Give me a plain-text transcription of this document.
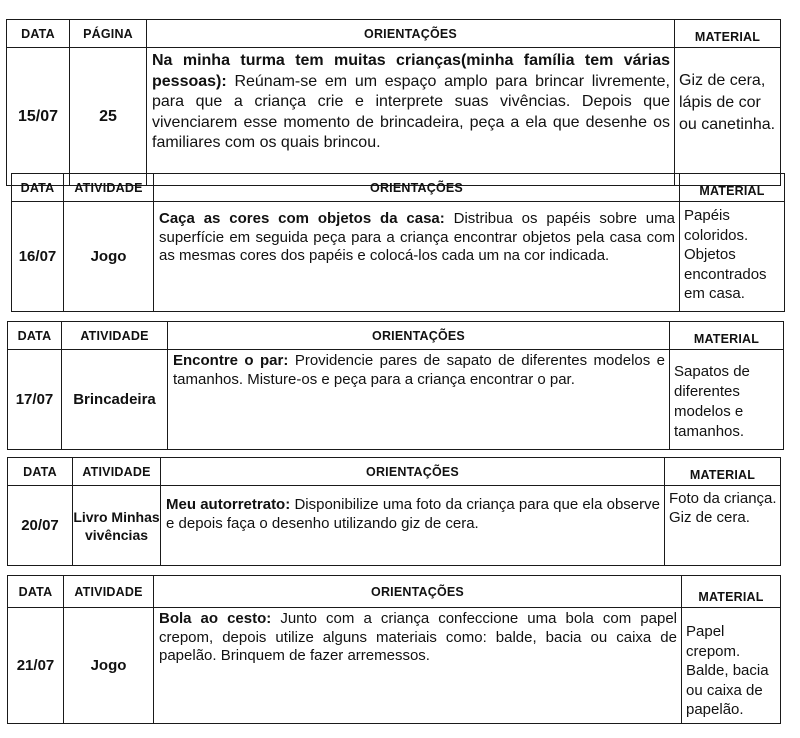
DATA	PÁGINA	ORIENTAÇÕES	MATERIAL
15/07	25	Na minha turma tem muitas crianças(minha família tem várias pessoas): Reúnam-se em um espaço amplo para brincar livremente, para que a criança crie e interprete suas vivências. Depois que vivenciarem esse momento de brincadeira, peça a ela que desenhe os familiares com os quais brincou.	Giz de cera, lápis de cor ou canetinha.
DATA	ATIVIDADE	ORIENTAÇÕES	MATERIAL
16/07	Jogo	Caça as cores com objetos da casa: Distribua os papéis sobre uma superfície em seguida peça para a criança encontrar objetos pela casa com as mesmas cores dos papéis e colocá-los cada um na cor indicada.	Papéis coloridos. Objetos encontrados em casa.
DATA	ATIVIDADE	ORIENTAÇÕES	MATERIAL
17/07	Brincadeira	Encontre o par: Providencie pares de sapato de diferentes modelos e tamanhos. Misture-os e peça para a criança encontrar o par.	Sapatos de diferentes modelos e tamanhos.
DATA	ATIVIDADE	ORIENTAÇÕES	MATERIAL
20/07	Livro Minhas vivências	Meu autorretrato: Disponibilize uma foto da criança para que ela observe e depois faça o desenho utilizando giz de cera.	Foto da criança. Giz de cera.
DATA	ATIVIDADE	ORIENTAÇÕES	MATERIAL
21/07	Jogo	Bola ao cesto: Junto com a criança confeccione uma bola com papel crepom, depois utilize alguns materiais como: balde, bacia ou caixa de papelão. Brinquem de fazer arremessos.	Papel crepom. Balde, bacia ou caixa de papelão.
